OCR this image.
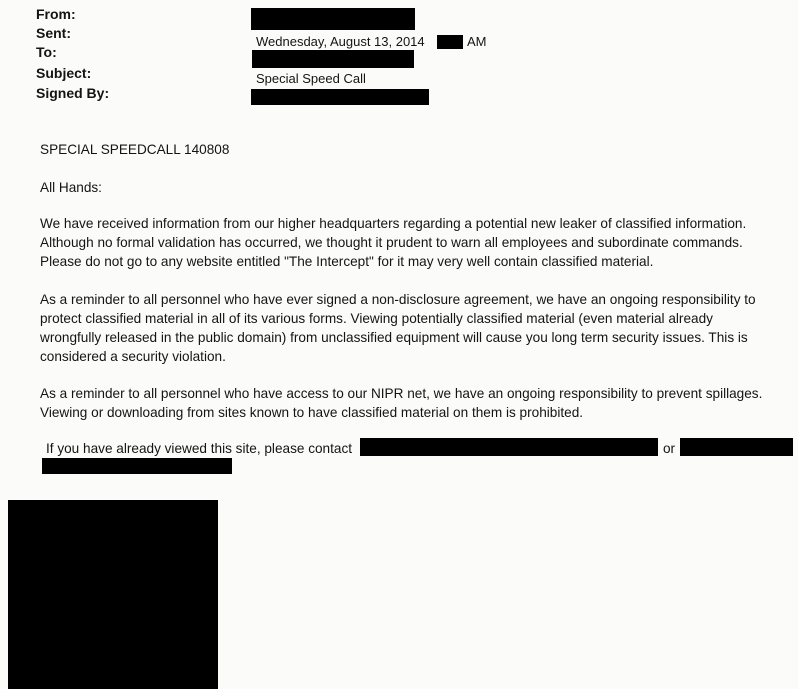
From:
Sent:
To:
Subject:
Signed By:
Wednesday, August 13, 2014	AM
Special Speed Call
SPECIAL SPEEDCALL 140808
All Hands:
We have received information from our higher headquarters regarding a potential new leaker of classified information.
Although no formal validation has occurred, we thought it prudent to warn all employees and subordinate commands.
Please do not go to any website entitled "The Intercept" for it may very well contain classified material.
As a reminder to all personnel who have ever signed a non-disclosure agreement, we have an ongoing responsibility to
protect classified material in all of its various forms. Viewing potentially classified material (even material already
wrongfully released in the public domain) from unclassified equipment will cause you long term security issues. This is
considered a security violation.
As a reminder to all personnel who have access to our NIPR net, we have an ongoing responsibility to prevent spillages.
Viewing or downloading from sites known to have classified material on them is prohibited.
If you have already viewed this site, please contact	or
